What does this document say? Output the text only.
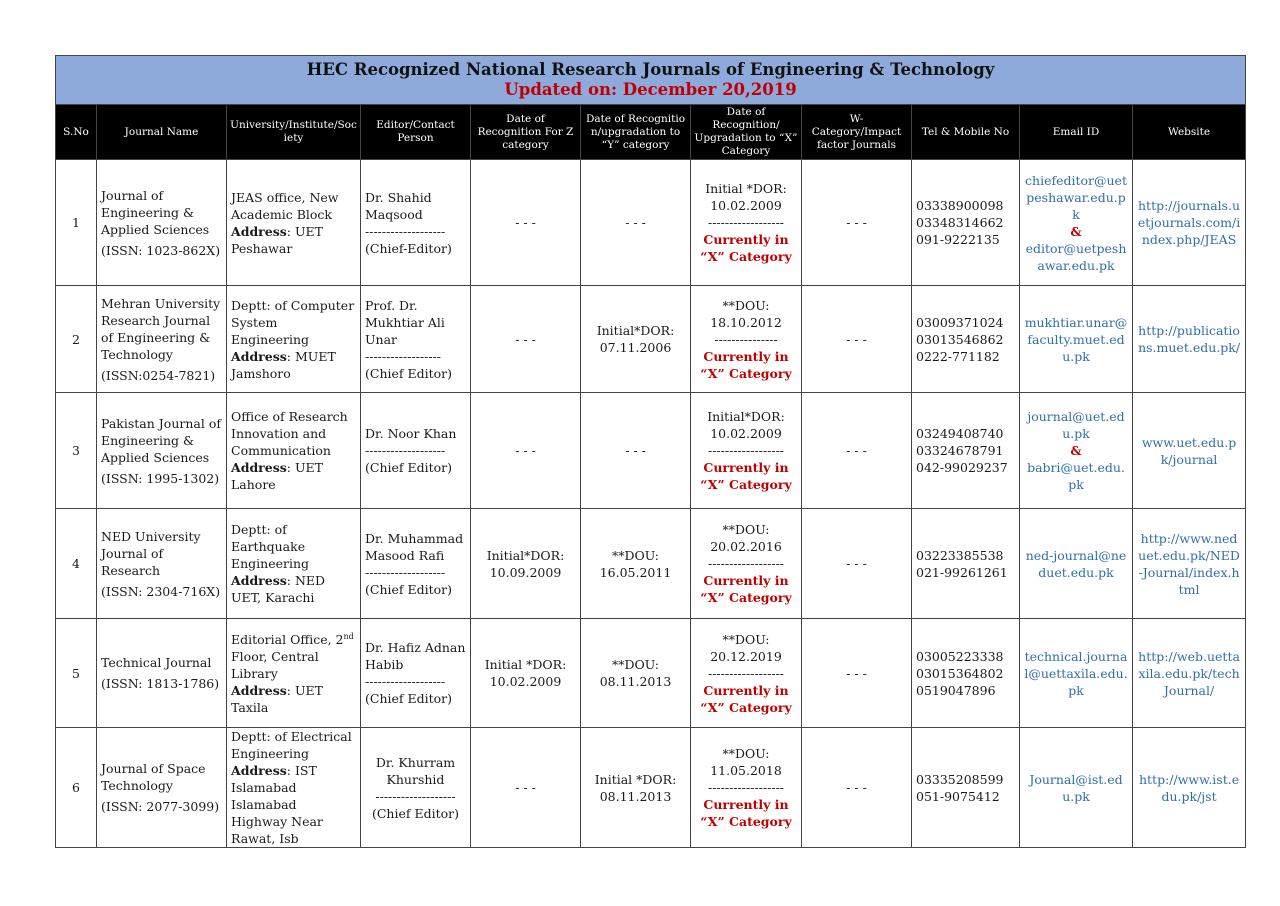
HEC Recognized National Research Journals of Engineering & Technology
Updated on: December 20,2019										

S.No	Journal Name	University/Institute/Society	Editor/Contact Person	Date of Recognition For Z category	Date of Recognition/upgradation to “Y” category	Date of Recognition/ Upgradation to “X” Category	W-Category/Impact factor Journals	Tel & Mobile No	Email ID	Website
1	Journal of
Engineering &
Applied Sciences
(ISSN: 1023-862X)	JEAS office, New Academic Block
Address: UET Peshawar	Dr. Shahid Maqsood
-------------------
(Chief-Editor)	- - -	- - -	Initial *DOR: 10.02.2009
------------------
Currently in
“X” Category	- - -	03338900098
03348314662
091-9222135	chiefeditor@uetpeshawar.edu.pk
&
editor@uetpeshawar.edu.pk	http://journals.uetjournals.com/index.php/JEAS
2	Mehran University Research Journal of Engineering & Technology
(ISSN:0254-7821)	Deptt: of Computer System Engineering
Address: MUET Jamshoro	Prof. Dr. Mukhtiar Ali Unar
------------------
(Chief Editor)	- - -	Initial*DOR: 07.11.2006	**DOU: 18.10.2012
---------------
Currently in
“X” Category	- - -	03009371024
03013546862
0222-771182	mukhtiar.unar@faculty.muet.edu.pk	http://publications.muet.edu.pk/
3	Pakistan Journal of Engineering & Applied Sciences
(ISSN: 1995-1302)	Office of Research Innovation and Communication
Address: UET Lahore	Dr. Noor Khan
-------------------
(Chief Editor)	- - -	- - -	Initial*DOR: 10.02.2009
------------------
Currently in
“X” Category	- - -	03249408740
03324678791
042-99029237	journal@uet.edu.pk
&
babri@uet.edu.pk	www.uet.edu.pk/journal
4	NED University Journal of Research
(ISSN: 2304-716X)	Deptt: of Earthquake Engineering
Address: NED UET, Karachi	Dr. Muhammad Masood Rafi
-------------------
(Chief Editor)	Initial*DOR: 10.09.2009	**DOU: 16.05.2011	**DOU: 20.02.2016
------------------
Currently in
“X” Category	- - -	03223385538
021-99261261	ned-journal@neduet.edu.pk	http://www.neduet.edu.pk/NED-Journal/index.html
5	Technical Journal
(ISSN: 1813-1786)	Editorial Office, 2nd Floor, Central Library
Address: UET Taxila	Dr. Hafiz Adnan Habib
-------------------
(Chief Editor)	Initial *DOR: 10.02.2009	**DOU: 08.11.2013	**DOU: 20.12.2019
------------------
Currently in
“X” Category	- - -	03005223338
03015364802
0519047896	technical.journal@uettaxila.edu.pk	http://web.uettaxila.edu.pk/techJournal/
6	Journal of Space Technology
(ISSN: 2077-3099)	Deptt: of Electrical Engineering
Address: IST Islamabad Islamabad Highway Near Rawat, Isb	Dr. Khurram Khurshid
-------------------
(Chief Editor)	- - -	Initial *DOR: 08.11.2013	**DOU: 11.05.2018
------------------
Currently in
“X” Category	- - -	03335208599
051-9075412	Journal@ist.edu.pk	http://www.ist.edu.pk/jst
